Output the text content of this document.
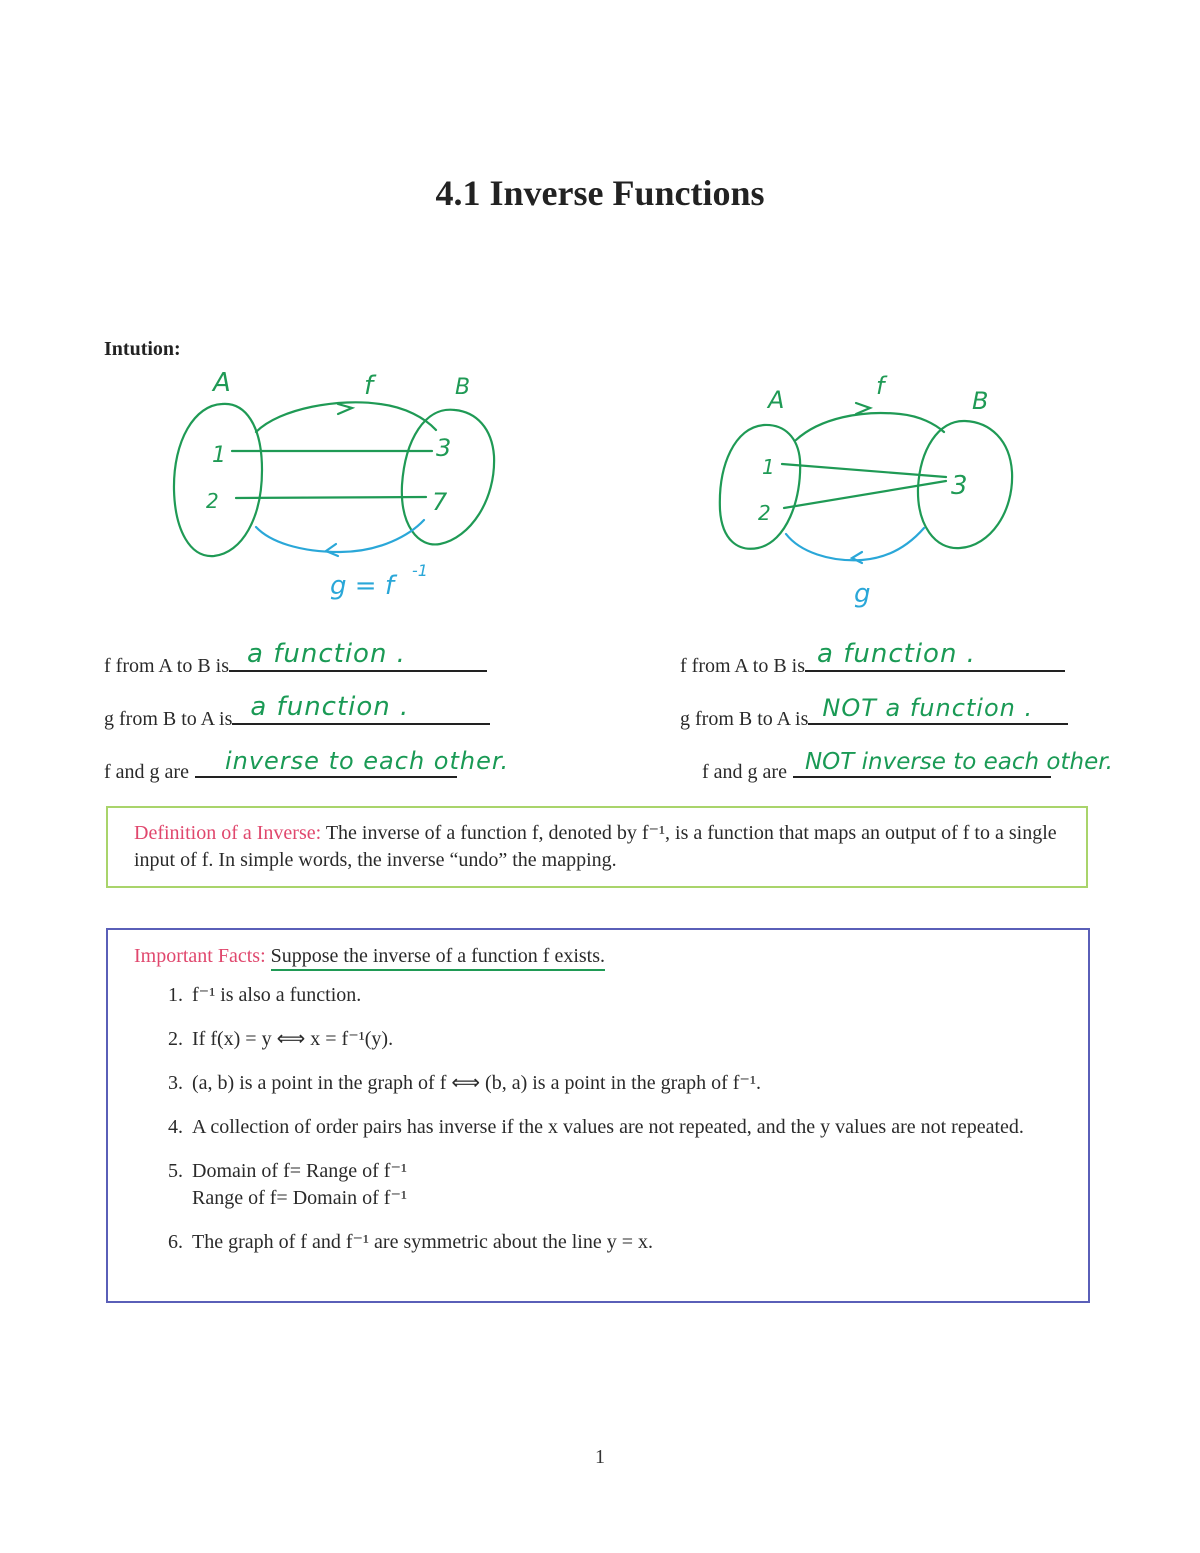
4.1 Inverse Functions
Intution:
A	f	B
1
2
3
7
g = f
-1
A	f
B
1
2
3
g
f from A to B is a function .
g from B to A is a function .
f and g are inverse to each other.
f from A to B is a function .
g from B to A is NOT a function .
f and g are NOT inverse to each other.
Definition of a Inverse: The inverse of a function f, denoted by f⁻¹, is a function that maps an output of f to a single input of f. In simple words, the inverse “undo” the mapping.
Important Facts: Suppose the inverse of a function f exists.
1. f⁻¹ is also a function.
2. If f(x) = y ⟺ x = f⁻¹(y).
3. (a, b) is a point in the graph of f ⟺ (b, a) is a point in the graph of f⁻¹.
4. A collection of order pairs has inverse if the x values are not repeated, and the y values are not repeated.
5. Domain of f= Range of f⁻¹
Range of f= Domain of f⁻¹
6. The graph of f and f⁻¹ are symmetric about the line y = x.
1
